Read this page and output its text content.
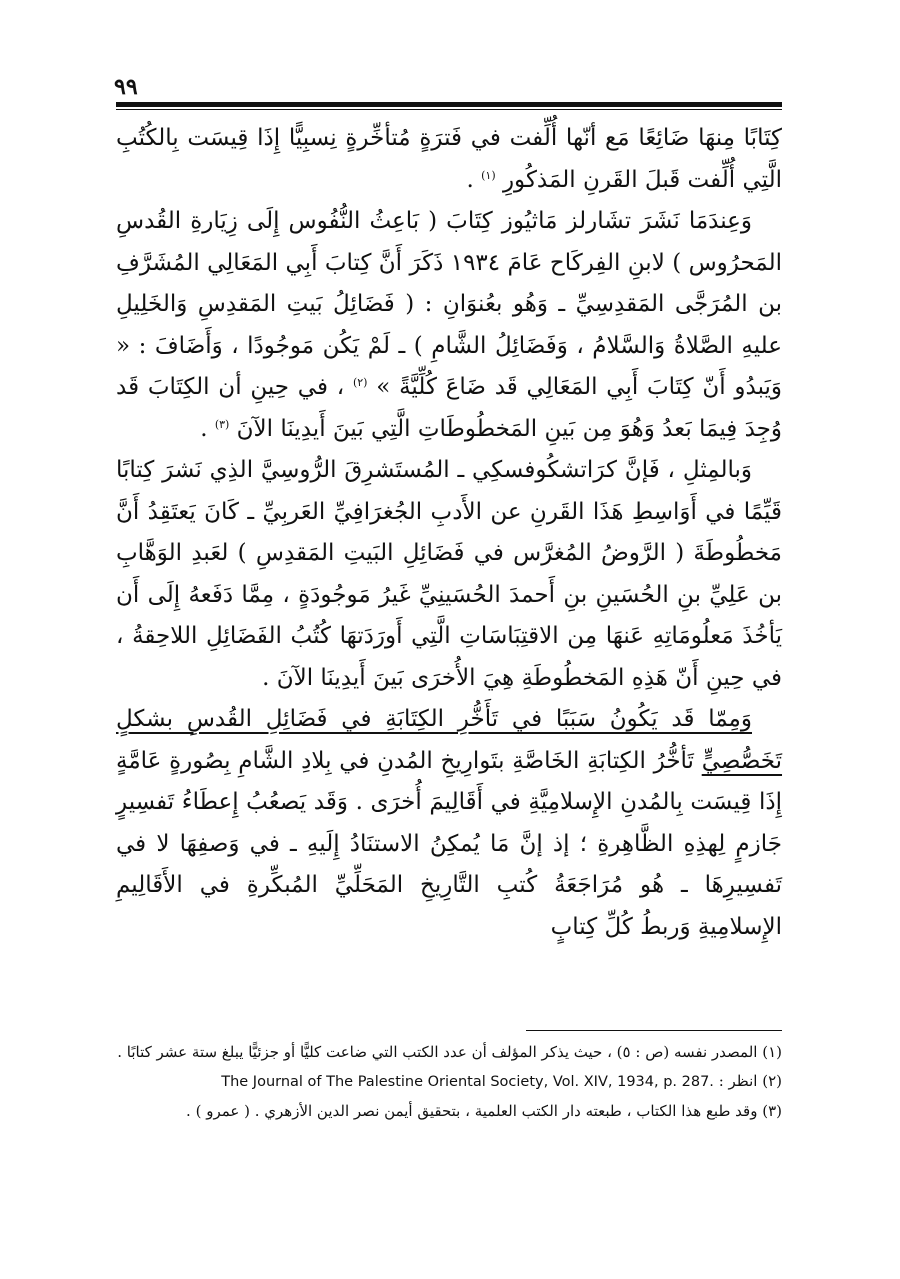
٩٩

كِتَابًا مِنهَا ضَائِعًا مَع أنّها أُلِّفت في فَترَةٍ مُتأخِّرةٍ نِسبِيًّا إِذَا قِيسَت بِالكُتُبِ الَّتِي أُلِّفت قَبلَ القَرنِ المَذكُورِ $^{(١)}$ .

وَعِندَمَا نَشَرَ تشَارلز مَاثيُوز كِتَابَ ( بَاعِثُ النُّفُوس إِلَى زِيَارةِ القُدسِ المَحرُوس ) لابنِ الفِركَاح عَامَ ١٩٣٤ ذَكَرَ أَنَّ كِتابَ أَبِي المَعَالِي المُشَرَّفِ بن المُرَجَّى المَقدِسِيِّ ـ وَهُو بعُنوَانِ : ( فَضَائِلُ بَيتِ المَقدِسِ وَالخَلِيلِ عليهِ الصَّلاةُ وَالسَّلامُ ، وَفَضَائِلُ الشَّامِ ) ـ لَمْ يَكُن مَوجُودًا ، وَأَضَافَ : « وَيَبدُو أَنّ كِتَابَ أَبِي المَعَالِي قَد ضَاعَ كُلِّيَّةً » $^{(٢)}$ ، في حِينِ أن الكِتَابَ قَد وُجِدَ فِيمَا بَعدُ وَهُوَ مِن بَينِ المَخطُوطَاتِ الَّتِي بَينَ أَيدِينَا الآنَ $^{(٣)}$ .

وَبالمِثلِ ، فَإنَّ كرَاتشكُوفسكِي ـ المُستَشرِقَ الرُّوسِيَّ الذِي نَشرَ كِتابًا قَيِّمًا في أَوَاسِطِ هَذَا القَرنِ عن الأَدبِ الجُغرَافِيِّ العَربِيِّ ـ كَانَ يَعتَقِدُ أَنَّ مَخطُوطَةَ ( الرَّوضُ المُغرَّس في فَضَائِلِ البَيتِ المَقدِسِ ) لعَبدِ الوَهَّابِ بن عَلِيِّ بنِ الحُسَينِ بنِ أَحمدَ الحُسَينِيِّ غَيرُ مَوجُودَةٍ ، مِمَّا دَفَعهُ إِلَى أَن يَأخُذَ مَعلُومَاتِهِ عَنهَا مِن الاقتِبَاسَاتِ الَّتِي أَورَدَتهَا كُتُبُ الفَضَائِلِ اللاحِقةُ ، في حِينِ أَنّ هَذِهِ المَخطُوطَةِ هِيَ الأُخرَى بَينَ أَيدِينَا الآنَ .

وَمِمّا قَد يَكُونُ سَبَبًا في تَأَخُّرِ الكِتَابَةِ في فَضَائِلِ القُدسِ بشكلٍ تَخَصُّصِيٍّ تَأخُّرُ الكِتابَةِ الخَاصَّةِ بتَوارِيخِ المُدنِ في بِلادِ الشَّامِ بِصُورةٍ عَامَّةٍ إِذَا قِيسَت بِالمُدنِ الإِسلامِيَّةِ في أَقَالِيمَ أُخرَى . وَقَد يَصعُبُ إِعطَاءُ تَفسِيرٍ جَازمٍ لِهذِهِ الظَّاهِرةِ ؛ إذ إنَّ مَا يُمكِنُ الاستنَادُ إِلَيهِ ـ في وَصفِهَا لا في تَفسِيرِهَا ـ هُو مُرَاجَعَةُ كُتبِ التَّارِيخِ المَحَلِّيِّ المُبكِّرةِ في الأَقَالِيمِ الإِسلامِيةِ وَربطُ كُلِّ كِتابٍ

(١) المصدر نفسه (ص : ٥) ، حيث يذكر المؤلف أن عدد الكتب التي ضاعت كليًّا أو جزئيًّا يبلغ ستة عشر كتابًا .

(٢) انظر : The Journal of The Palestine Oriental Society, Vol. XIV, 1934, p. 287.

(٣) وقد طبع هذا الكتاب ، طبعته دار الكتب العلمية ، بتحقيق أيمن نصر الدين الأزهري . ( عمرو ) .
